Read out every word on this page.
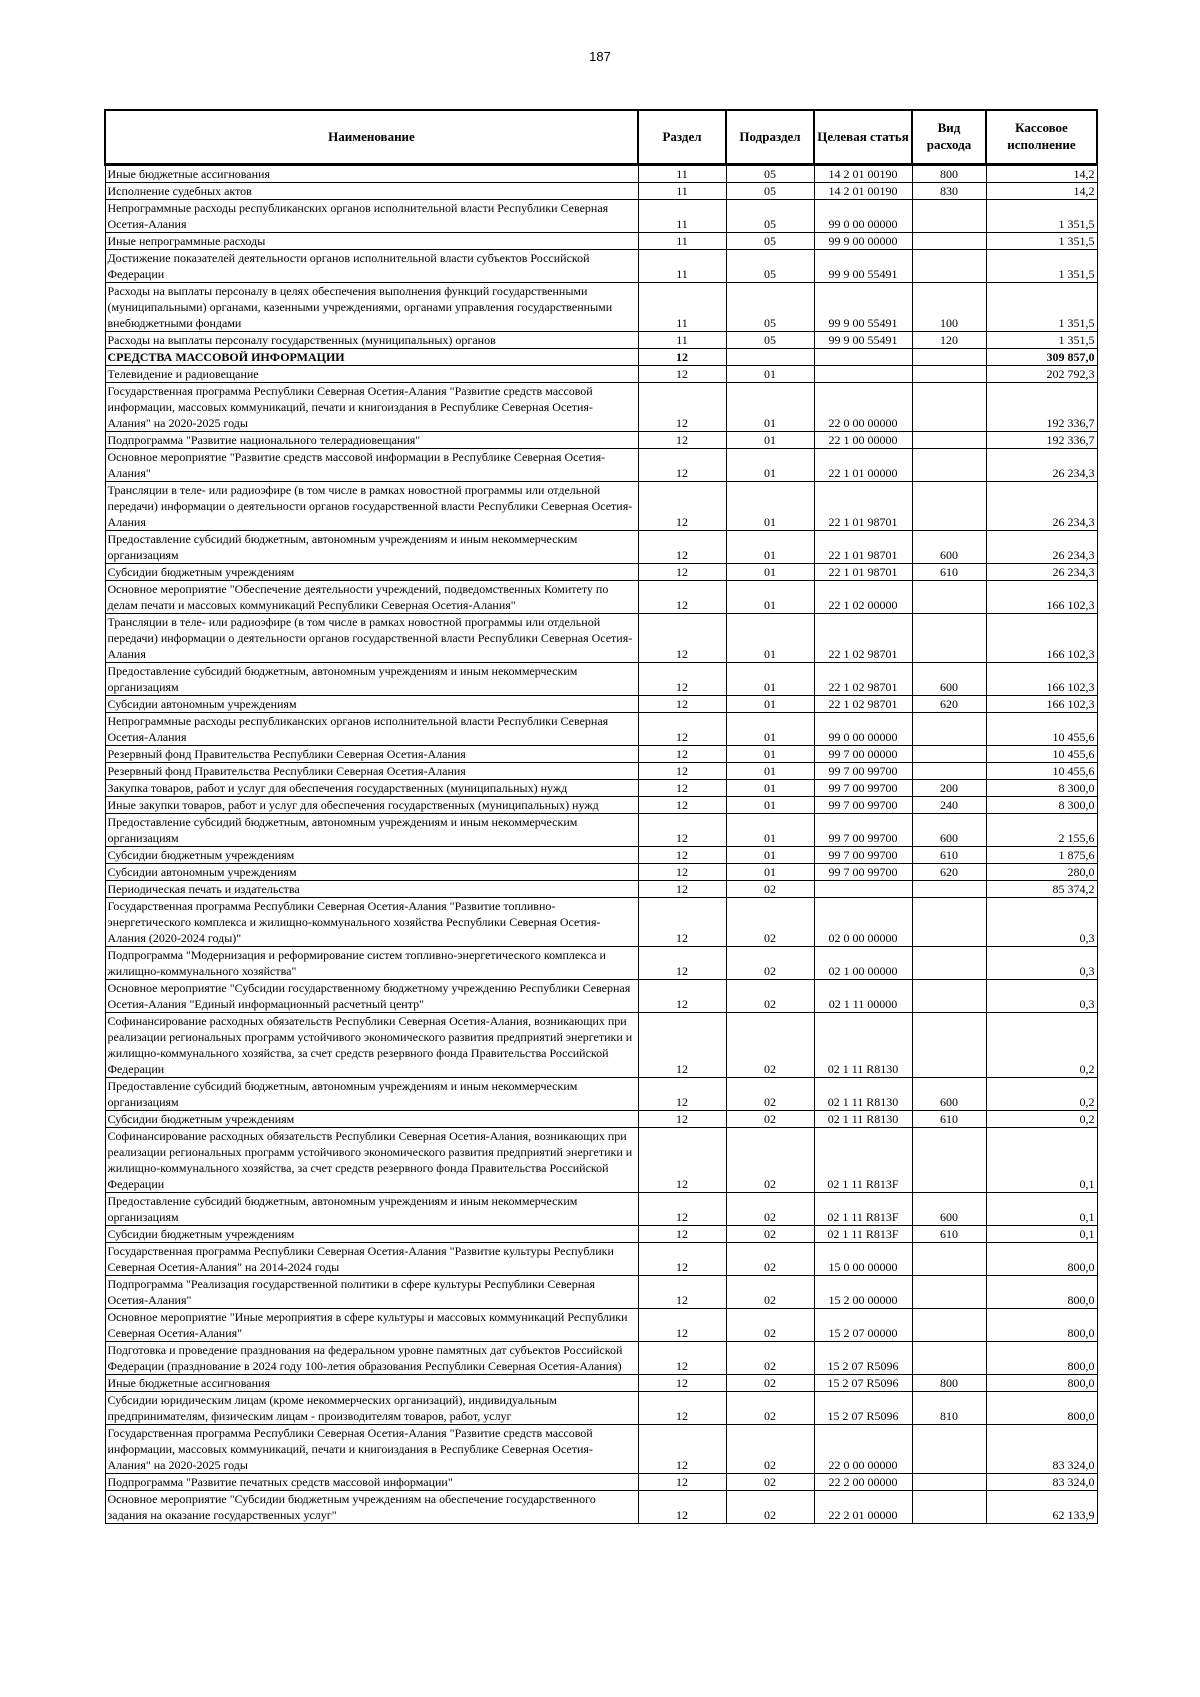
187
Наименование	Раздел	Подраздел	Целевая статья	Вид расхода	Кассовое исполнение
Иные бюджетные ассигнования	11	05	14 2 01 00190	800	14,2
Исполнение судебных актов	11	05	14 2 01 00190	830	14,2
Непрограммные расходы республиканских органов исполнительной власти Республики Северная Осетия-Алания	11	05	99 0 00 00000		1 351,5
Иные непрограммные расходы	11	05	99 9 00 00000		1 351,5
Достижение показателей деятельности органов исполнительной власти субъектов Российской Федерации	11	05	99 9 00 55491		1 351,5
Расходы на выплаты персоналу в целях обеспечения выполнения функций государственными (муниципальными) органами, казенными учреждениями, органами управления государственными внебюджетными фондами	11	05	99 9 00 55491	100	1 351,5
Расходы на выплаты персоналу государственных (муниципальных) органов	11	05	99 9 00 55491	120	1 351,5
СРЕДСТВА МАССОВОЙ ИНФОРМАЦИИ	12				309 857,0
Телевидение и радиовещание	12	01			202 792,3
Государственная программа Республики Северная Осетия-Алания "Развитие средств массовой информации, массовых коммуникаций, печати и книгоиздания в Республике Северная Осетия-Алания" на 2020-2025 годы	12	01	22 0 00 00000		192 336,7
Подпрограмма "Развитие национального телерадиовещания"	12	01	22 1 00 00000		192 336,7
Основное мероприятие "Развитие средств массовой информации в Республике Северная Осетия-Алания"	12	01	22 1 01 00000		26 234,3
Трансляции в теле- или радиоэфире (в том числе в рамках новостной программы или отдельной передачи) информации о деятельности органов государственной власти Республики Северная Осетия-Алания	12	01	22 1 01 98701		26 234,3
Предоставление субсидий бюджетным, автономным учреждениям и иным некоммерческим организациям	12	01	22 1 01 98701	600	26 234,3
Субсидии бюджетным учреждениям	12	01	22 1 01 98701	610	26 234,3
Основное мероприятие "Обеспечение деятельности учреждений, подведомственных Комитету по делам печати и массовых коммуникаций Республики Северная Осетия-Алания"	12	01	22 1 02 00000		166 102,3
Трансляции в теле- или радиоэфире (в том числе в рамках новостной программы или отдельной передачи) информации о деятельности органов государственной власти Республики Северная Осетия-Алания	12	01	22 1 02 98701		166 102,3
Предоставление субсидий бюджетным, автономным учреждениям и иным некоммерческим организациям	12	01	22 1 02 98701	600	166 102,3
Субсидии автономным учреждениям	12	01	22 1 02 98701	620	166 102,3
Непрограммные расходы республиканских органов исполнительной власти Республики Северная Осетия-Алания	12	01	99 0 00 00000		10 455,6
Резервный фонд Правительства Республики Северная Осетия-Алания	12	01	99 7 00 00000		10 455,6
Резервный фонд Правительства Республики Северная Осетия-Алания	12	01	99 7 00 99700		10 455,6
Закупка товаров, работ и услуг для обеспечения государственных (муниципальных) нужд	12	01	99 7 00 99700	200	8 300,0
Иные закупки товаров, работ и услуг для обеспечения государственных (муниципальных) нужд	12	01	99 7 00 99700	240	8 300,0
Предоставление субсидий бюджетным, автономным учреждениям и иным некоммерческим организациям	12	01	99 7 00 99700	600	2 155,6
Субсидии бюджетным учреждениям	12	01	99 7 00 99700	610	1 875,6
Субсидии автономным учреждениям	12	01	99 7 00 99700	620	280,0
Периодическая печать и издательства	12	02			85 374,2
Государственная программа Республики Северная Осетия-Алания "Развитие топливно-энергетического комплекса и жилищно-коммунального хозяйства Республики Северная Осетия-Алания (2020-2024 годы)"	12	02	02 0 00 00000		0,3
Подпрограмма "Модернизация и реформирование систем топливно-энергетического комплекса и жилищно-коммунального хозяйства"	12	02	02 1 00 00000		0,3
Основное мероприятие "Субсидии государственному бюджетному учреждению Республики Северная Осетия-Алания "Единый информационный расчетный центр"	12	02	02 1 11 00000		0,3
Софинансирование расходных обязательств Республики Северная Осетия-Алания, возникающих при реализации региональных программ устойчивого экономического развития предприятий энергетики и жилищно-коммунального хозяйства, за счет средств резервного фонда Правительства Российской Федерации	12	02	02 1 11 R8130		0,2
Предоставление субсидий бюджетным, автономным учреждениям и иным некоммерческим организациям	12	02	02 1 11 R8130	600	0,2
Субсидии бюджетным учреждениям	12	02	02 1 11 R8130	610	0,2
Софинансирование расходных обязательств Республики Северная Осетия-Алания, возникающих при реализации региональных программ устойчивого экономического развития предприятий энергетики и жилищно-коммунального хозяйства, за счет средств резервного фонда Правительства Российской Федерации	12	02	02 1 11 R813F		0,1
Предоставление субсидий бюджетным, автономным учреждениям и иным некоммерческим организациям	12	02	02 1 11 R813F	600	0,1
Субсидии бюджетным учреждениям	12	02	02 1 11 R813F	610	0,1
Государственная программа Республики Северная Осетия-Алания "Развитие культуры Республики Северная Осетия-Алания" на 2014-2024 годы	12	02	15 0 00 00000		800,0
Подпрограмма "Реализация государственной политики в сфере культуры Республики Северная Осетия-Алания"	12	02	15 2 00 00000		800,0
Основное мероприятие "Иные мероприятия в сфере культуры и массовых коммуникаций Республики Северная Осетия-Алания"	12	02	15 2 07 00000		800,0
Подготовка и проведение празднования на федеральном уровне памятных дат субъектов Российской Федерации (празднование в 2024 году 100-летия образования Республики Северная Осетия-Алания)	12	02	15 2 07 R5096		800,0
Иные бюджетные ассигнования	12	02	15 2 07 R5096	800	800,0
Субсидии юридическим лицам (кроме некоммерческих организаций), индивидуальным предпринимателям, физическим лицам - производителям товаров, работ, услуг	12	02	15 2 07 R5096	810	800,0
Государственная программа Республики Северная Осетия-Алания "Развитие средств массовой информации, массовых коммуникаций, печати и книгоиздания в Республике Северная Осетия-Алания" на 2020-2025 годы	12	02	22 0 00 00000		83 324,0
Подпрограмма "Развитие печатных средств массовой информации"	12	02	22 2 00 00000		83 324,0
Основное мероприятие "Субсидии бюджетным учреждениям на обеспечение государственного задания на оказание государственных услуг"	12	02	22 2 01 00000		62 133,9
